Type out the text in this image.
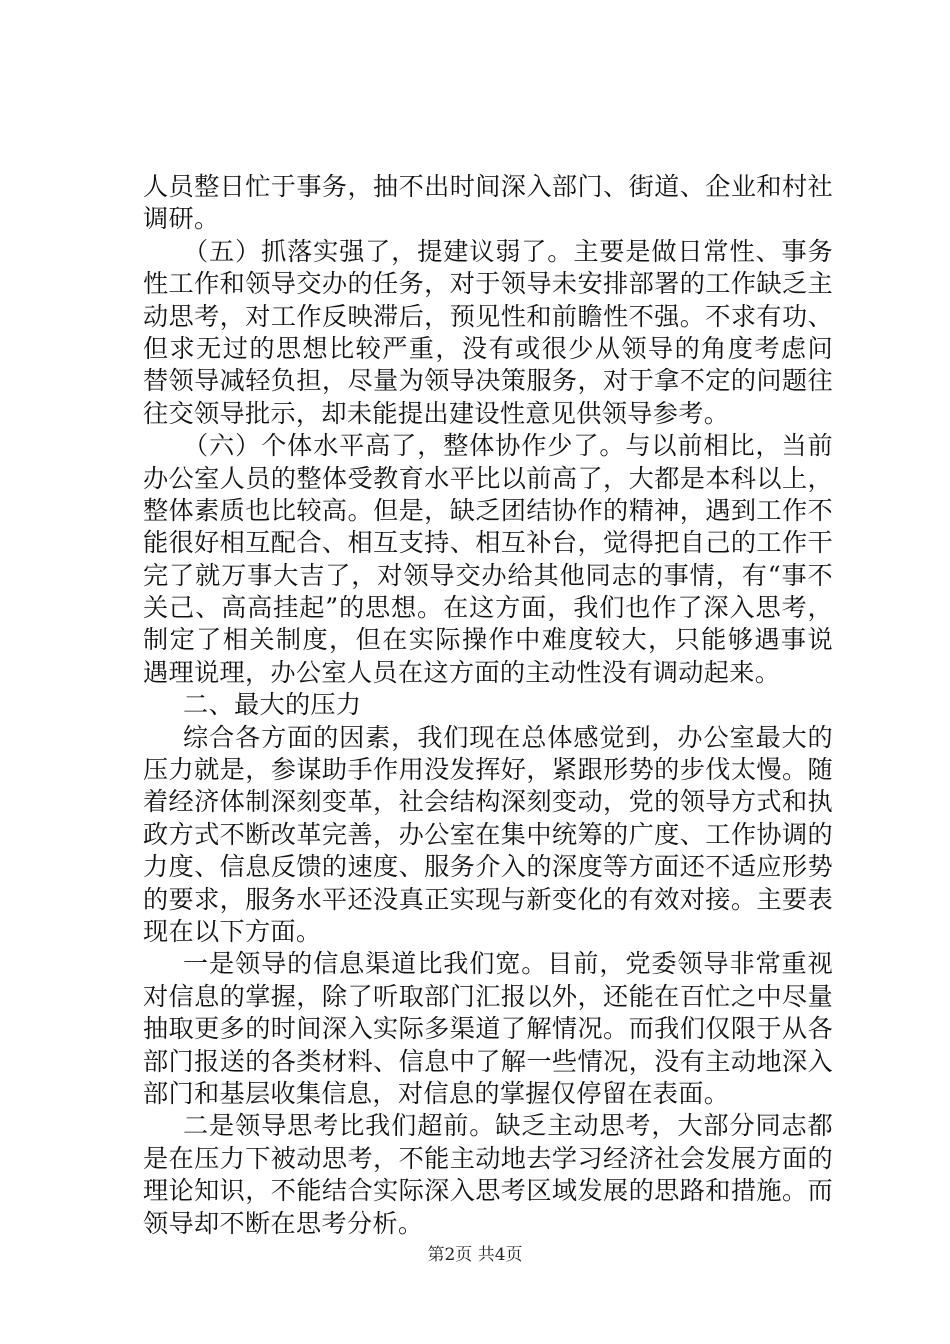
人员整日忙于事务，抽不出时间深入部门、街道、企业和村社
调研。
（五）抓落实强了，提建议弱了。主要是做日常性、事务
性工作和领导交办的任务，对于领导未安排部署的工作缺乏主
动思考，对工作反映滞后，预见性和前瞻性不强。不求有功、
但求无过的思想比较严重，没有或很少从领导的角度考虑问
替领导减轻负担，尽量为领导决策服务，对于拿不定的问题往
往交领导批示，却未能提出建设性意见供领导参考。
（六）个体水平高了，整体协作少了。与以前相比，当前
办公室人员的整体受教育水平比以前高了，大都是本科以上，
整体素质也比较高。但是，缺乏团结协作的精神，遇到工作不
能很好相互配合、相互支持、相互补台，觉得把自己的工作干
完了就万事大吉了，对领导交办给其他同志的事情，有“事不
关己、高高挂起”的思想。在这方面，我们也作了深入思考，
制定了相关制度，但在实际操作中难度较大，只能够遇事说
遇理说理，办公室人员在这方面的主动性没有调动起来。
二、最大的压力
综合各方面的因素，我们现在总体感觉到，办公室最大的
压力就是，参谋助手作用没发挥好，紧跟形势的步伐太慢。随
着经济体制深刻变革，社会结构深刻变动，党的领导方式和执
政方式不断改革完善，办公室在集中统筹的广度、工作协调的
力度、信息反馈的速度、服务介入的深度等方面还不适应形势
的要求，服务水平还没真正实现与新变化的有效对接。主要表
现在以下方面。
一是领导的信息渠道比我们宽。目前，党委领导非常重视
对信息的掌握，除了听取部门汇报以外，还能在百忙之中尽量
抽取更多的时间深入实际多渠道了解情况。而我们仅限于从各
部门报送的各类材料、信息中了解一些情况，没有主动地深入
部门和基层收集信息，对信息的掌握仅停留在表面。
二是领导思考比我们超前。缺乏主动思考，大部分同志都
是在压力下被动思考，不能主动地去学习经济社会发展方面的
理论知识，不能结合实际深入思考区域发展的思路和措施。而
领导却不断在思考分析。
第2页 共4页
